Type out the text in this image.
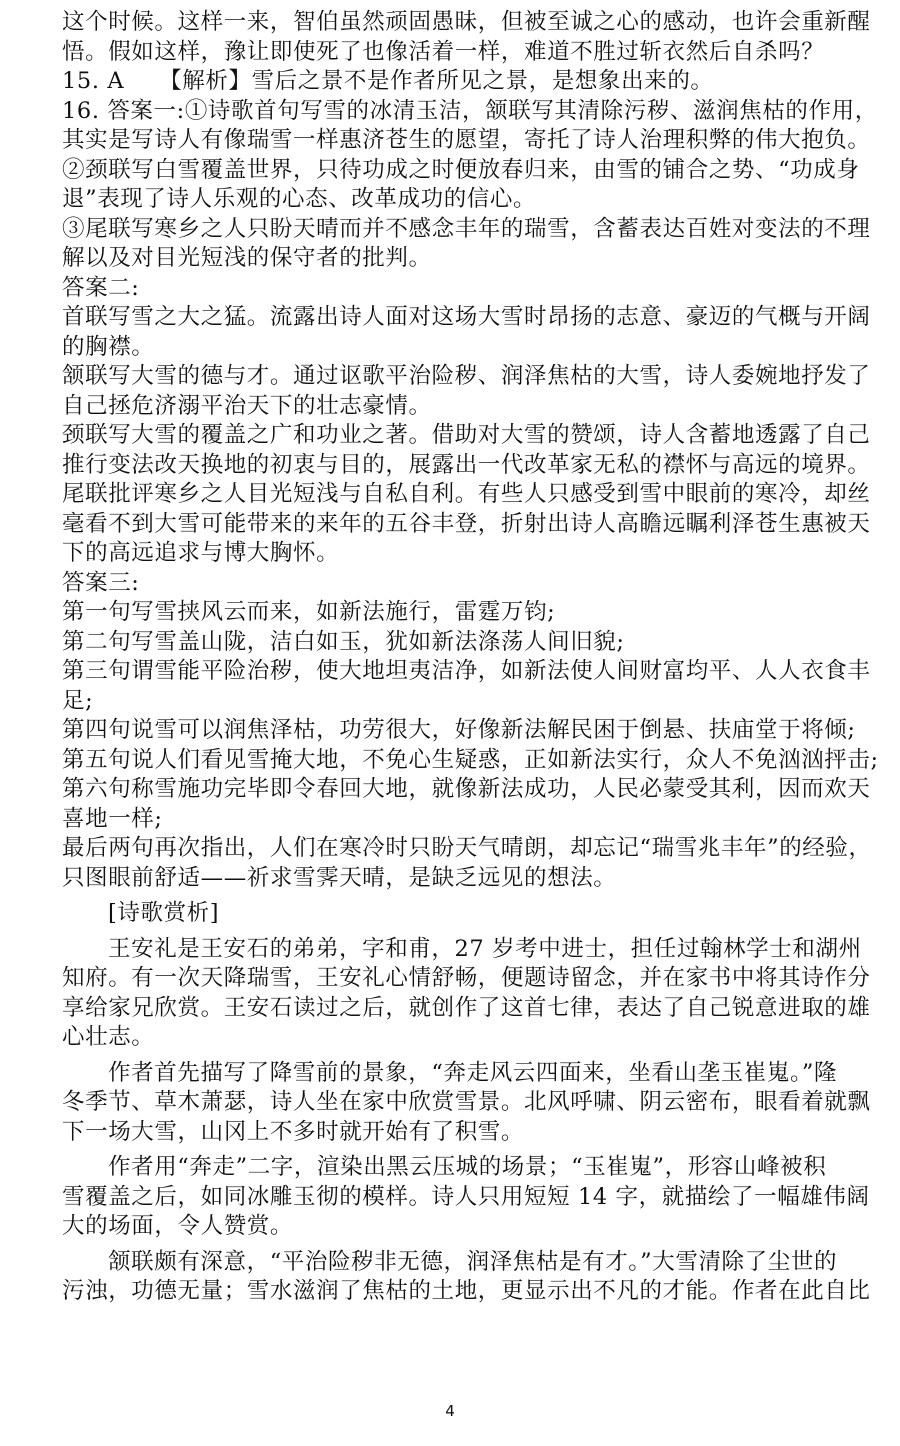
这个时候。这样一来，智伯虽然顽固愚昧，但被至诚之心的感动，也许会重新醒
悟。假如这样，豫让即使死了也像活着一样，难道不胜过斩衣然后自杀吗？
15. A　　【解析】雪后之景不是作者所见之景，是想象出来的。
16. 答案一:①诗歌首句写雪的冰清玉洁，颔联写其清除污秽、滋润焦枯的作用，
其实是写诗人有像瑞雪一样惠济苍生的愿望，寄托了诗人治理积弊的伟大抱负。
②颈联写白雪覆盖世界，只待功成之时便放春归来，由雪的铺合之势、“功成身
退”表现了诗人乐观的心态、改革成功的信心。
③尾联写寒乡之人只盼天晴而并不感念丰年的瑞雪，含蓄表达百姓对变法的不理
解以及对目光短浅的保守者的批判。
答案二:
首联写雪之大之猛。流露出诗人面对这场大雪时昂扬的志意、豪迈的气概与开阔
的胸襟。
颔联写大雪的德与才。通过讴歌平治险秽、润泽焦枯的大雪，诗人委婉地抒发了
自己拯危济溺平治天下的壮志豪情。
颈联写大雪的覆盖之广和功业之著。借助对大雪的赞颂，诗人含蓄地透露了自己
推行变法改天换地的初衷与目的，展露出一代改革家无私的襟怀与高远的境界。
尾联批评寒乡之人目光短浅与自私自利。有些人只感受到雪中眼前的寒冷，却丝
毫看不到大雪可能带来的来年的五谷丰登，折射出诗人高瞻远瞩利泽苍生惠被天
下的高远追求与博大胸怀。
答案三:
第一句写雪挟风云而来，如新法施行，雷霆万钧;
第二句写雪盖山陇，洁白如玉，犹如新法涤荡人间旧貌;
第三句谓雪能平险治秽，使大地坦夷洁净，如新法使人间财富均平、人人衣食丰
足;
第四句说雪可以润焦泽枯，功劳很大，好像新法解民困于倒悬、扶庙堂于将倾;
第五句说人们看见雪掩大地，不免心生疑惑，正如新法实行，众人不免汹汹抨击;
第六句称雪施功完毕即令春回大地，就像新法成功，人民必蒙受其利，因而欢天
喜地一样;
最后两句再次指出，人们在寒冷时只盼天气晴朗，却忘记“瑞雪兆丰年”的经验，
只图眼前舒适——祈求雪霁天晴，是缺乏远见的想法。
[诗歌赏析]
王安礼是王安石的弟弟，字和甫，27 岁考中进士，担任过翰林学士和湖州
知府。有一次天降瑞雪，王安礼心情舒畅，便题诗留念，并在家书中将其诗作分
享给家兄欣赏。王安石读过之后，就创作了这首七律，表达了自己锐意进取的雄
心壮志。
作者首先描写了降雪前的景象，“奔走风云四面来，坐看山垄玉崔嵬。”隆
冬季节、草木萧瑟，诗人坐在家中欣赏雪景。北风呼啸、阴云密布，眼看着就飘
下一场大雪，山冈上不多时就开始有了积雪。
作者用“奔走”二字，渲染出黑云压城的场景；“玉崔嵬”，形容山峰被积
雪覆盖之后，如同冰雕玉彻的模样。诗人只用短短 14 字，就描绘了一幅雄伟阔
大的场面，令人赞赏。
颔联颇有深意，“平治险秽非无德，润泽焦枯是有才。”大雪清除了尘世的
污浊，功德无量；雪水滋润了焦枯的土地，更显示出不凡的才能。作者在此自比
4
